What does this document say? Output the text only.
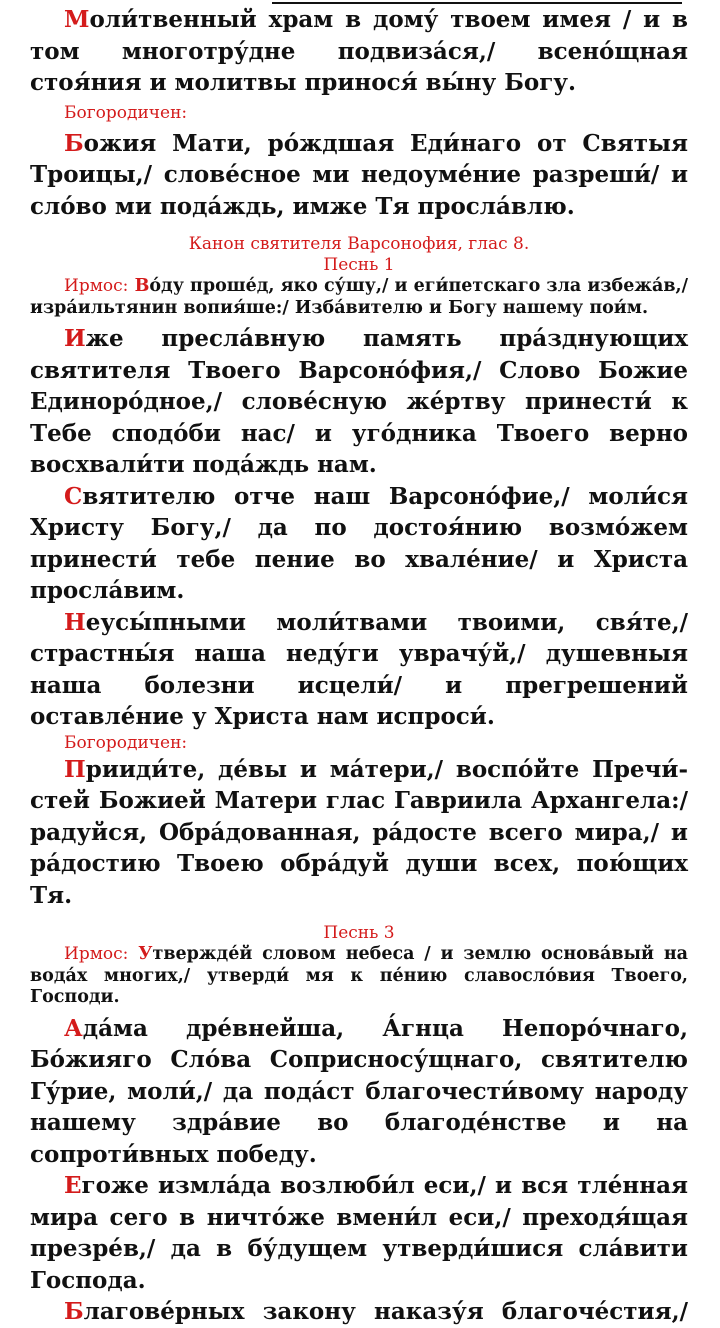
Моли́твенный храм в дому́ твоем имея / и в том многотру́дне подвиза́ся,/ всено́щная стоя́ния и молитвы принося́ вы́ну Богу.

Богородичен:

Божия Мати, ро́ждшая Еди́наго от Святыя Троицы,/ слове́сное ми недоуме́ние разреши́/ и сло́во ми пода́ждь, имже Тя просла́влю.

Канон святителя Варсонофия, глас 8.

Песнь 1

Ирмос: Во́ду проше́д, яко су́шу,/ и еги́петскаго зла избежа́в,/ изра́ильтянин вопия́ше:/ Изба́вителю и Богу нашему пои́м.

Иже пресла́вную память пра́зднующих святителя Твоего Варсоно́фия,/ Слово Божие Единоро́дное,/ слове́сную же́ртву принести́ к Тебе сподо́би нас/ и уго́дника Твоего верно восхвали́ти пода́ждь нам.

Святителю отче наш Варсоно́фие,/ моли́ся Христу Богу,/ да по достоя́нию возмо́жем принести́ тебе пение во хвале́ние/ и Христа просла́вим.

Неусы́пными моли́твами твоими, свя́те,/ страстны́я наша неду́ги уврачу́й,/ душевныя наша болезни исцели́/ и прегрешений оставле́ние у Христа нам испроси́.

Богородичен:

Прииди́те, де́вы и ма́тери,/ воспо́йте Пречи́стей Божией Матери глас Гавриила Архангела:/ радуйся, Обра́дованная, ра́досте всего мира,/ и ра́достию Твоею обра́дуй души всех, пою́щих Тя.

Песнь 3

Ирмос: Утвержде́й словом небеса / и землю основа́вый на вода́х многих,/ утверди́ мя к пе́нию славосло́вия Твоего, Господи.

Ада́ма дре́внейша, А́гнца Непоро́чнаго, Бо́жияго Сло́ва Соприсносу́щнаго, святителю Гу́рие, моли́,/ да пода́ст благочести́вому народу нашему здра́вие во благоде́нстве и на сопроти́вных победу.

Егоже измла́да возлюби́л еси,/ и вся тле́нная мира сего в ничто́же вмени́л еси,/ преходя́щая презре́в,/ да в бу́дущем утверди́шися сла́вити Господа.

Благове́рных закону наказу́я благоче́стия,/
